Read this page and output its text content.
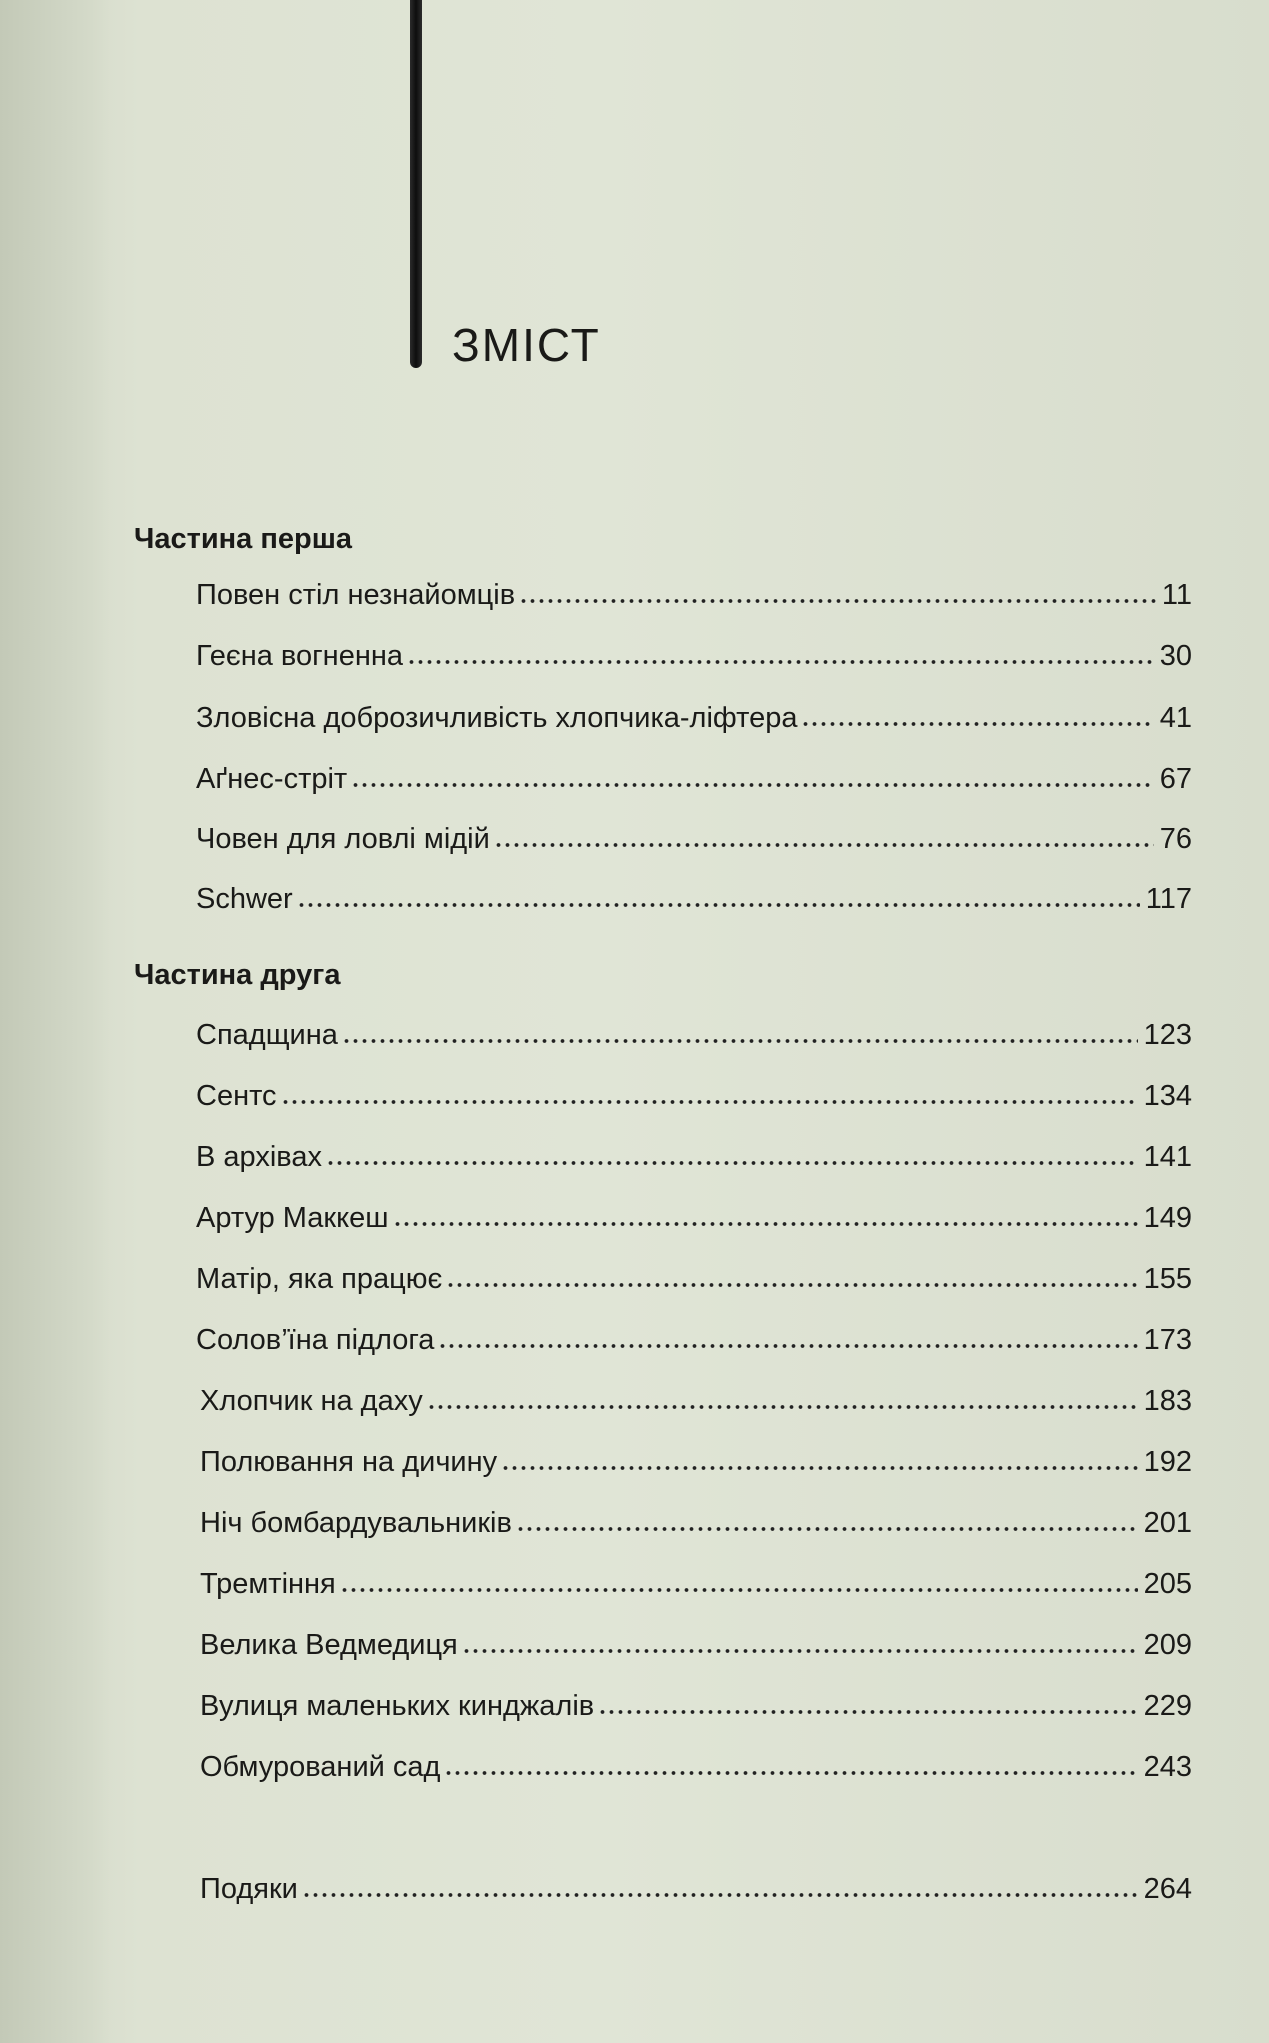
ЗМІСТ
Частина перша
Повен стіл незнайомців	11
Геєна вогненна	30
Зловісна доброзичливість хлопчика-ліфтера	41
Аґнес-стріт	67
Човен для ловлі мідій	76
Schwer	117
Частина друга
Спадщина	123
Сентс	134
В архівах	141
Артур Маккеш	149
Матір, яка працює	155
Солов’їна підлога	173
Хлопчик на даху	183
Полювання на дичину	192
Ніч бомбардувальників	201
Тремтіння	205
Велика Ведмедиця	209
Вулиця маленьких кинджалів	229
Обмурований сад	243
Подяки	264
